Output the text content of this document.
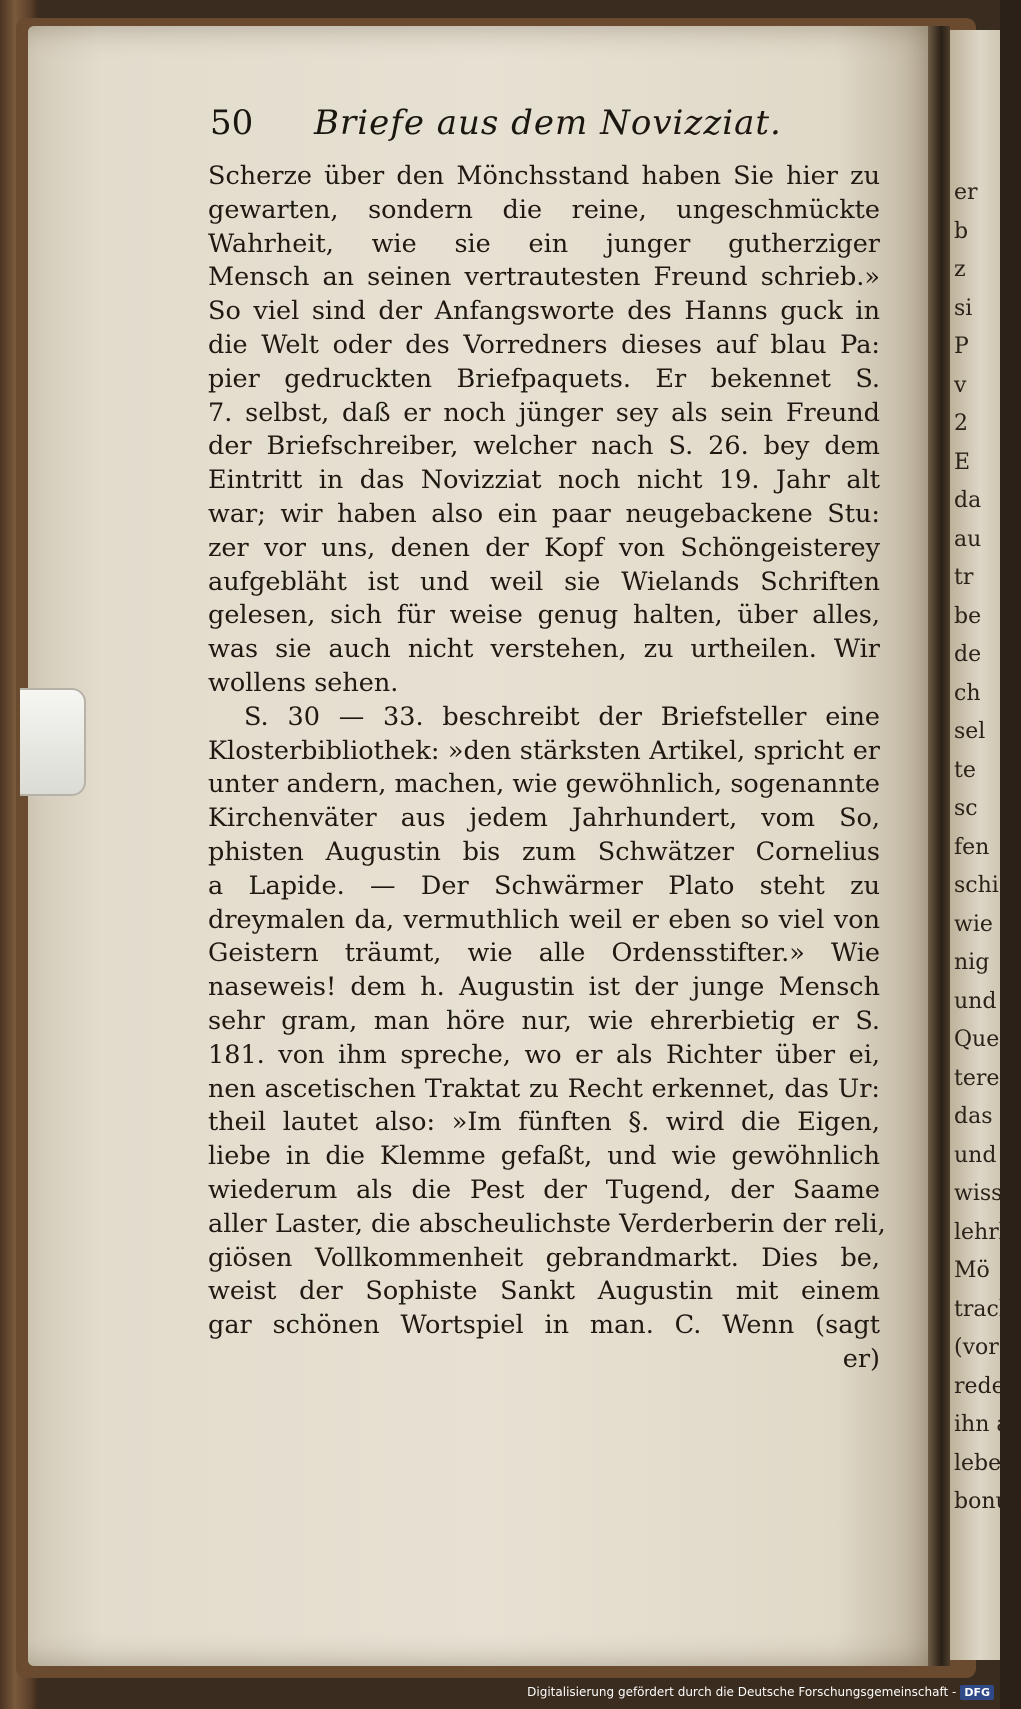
er
b
z
si
P
v
2
E
da
au
tr
be
de
ch
sel
te
sc
fen
schi
wie
nig
und
Que
tere
das
und
wiss
lehrl
Mö
trach
(vor
reden
ihn a
leben
bonus
50 Briefe aus dem Novizziat.
Scherze über den Mönchsstand haben Sie hier zu
gewarten, sondern die reine, ungeschmückte
Wahrheit, wie sie ein junger gutherziger
Mensch an seinen vertrautesten Freund schrieb.»
So viel sind der Anfangsworte des Hanns guck in
die Welt oder des Vorredners dieses auf blau Pa:
pier gedruckten Briefpaquets. Er bekennet S.
7. selbst, daß er noch jünger sey als sein Freund
der Briefschreiber, welcher nach S. 26. bey dem
Eintritt in das Novizziat noch nicht 19. Jahr alt
war; wir haben also ein paar neugebackene Stu:
zer vor uns, denen der Kopf von Schöngeisterey
aufgebläht ist und weil sie Wielands Schriften
gelesen, sich für weise genug halten, über alles,
was sie auch nicht verstehen, zu urtheilen. Wir
wollens sehen.
S. 30 — 33. beschreibt der Briefsteller eine
Klosterbibliothek: »den stärksten Artikel, spricht er
unter andern, machen, wie gewöhnlich, sogenannte
Kirchenväter aus jedem Jahrhundert, vom So,
phisten Augustin bis zum Schwätzer Cornelius
a Lapide. — Der Schwärmer Plato steht zu
dreymalen da, vermuthlich weil er eben so viel von
Geistern träumt, wie alle Ordensstifter.» Wie
naseweis! dem h. Augustin ist der junge Mensch
sehr gram, man höre nur, wie ehrerbietig er S.
181. von ihm spreche, wo er als Richter über ei,
nen ascetischen Traktat zu Recht erkennet, das Ur:
theil lautet also: »Im fünften §. wird die Eigen,
liebe in die Klemme gefaßt, und wie gewöhnlich
wiederum als die Pest der Tugend, der Saame
aller Laster, die abscheulichste Verderberin der reli,
giösen Vollkommenheit gebrandmarkt. Dies be,
weist der Sophiste Sankt Augustin mit einem
gar schönen Wortspiel in man. C. Wenn (sagt
er)
Digitalisierung gefördert durch die Deutsche Forschungsgemeinschaft - DFG
